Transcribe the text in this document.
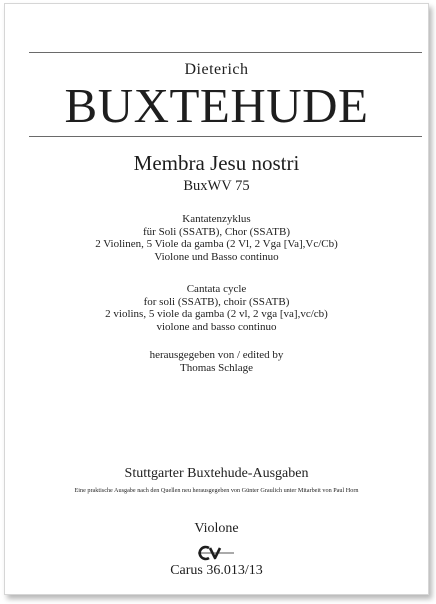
Dieterich
BUXTEHUDE
Membra Jesu nostri
BuxWV 75
Kantatenzyklus
für Soli (SSATB), Chor (SSATB)
2 Violinen, 5 Viole da gamba (2 Vl, 2 Vga [Va],Vc/Cb)
Violone und Basso continuo
Cantata cycle
for soli (SSATB), choir (SSATB)
2 violins, 5 viole da gamba (2 vl, 2 vga [va],vc/cb)
violone and basso continuo
herausgegeben von / edited by
Thomas Schlage
Stuttgarter Buxtehude-Ausgaben
Eine praktische Ausgabe nach den Quellen neu herausgegeben von Günter Graulich unter Mitarbeit von Paul Horn
Violone
Carus 36.013/13
